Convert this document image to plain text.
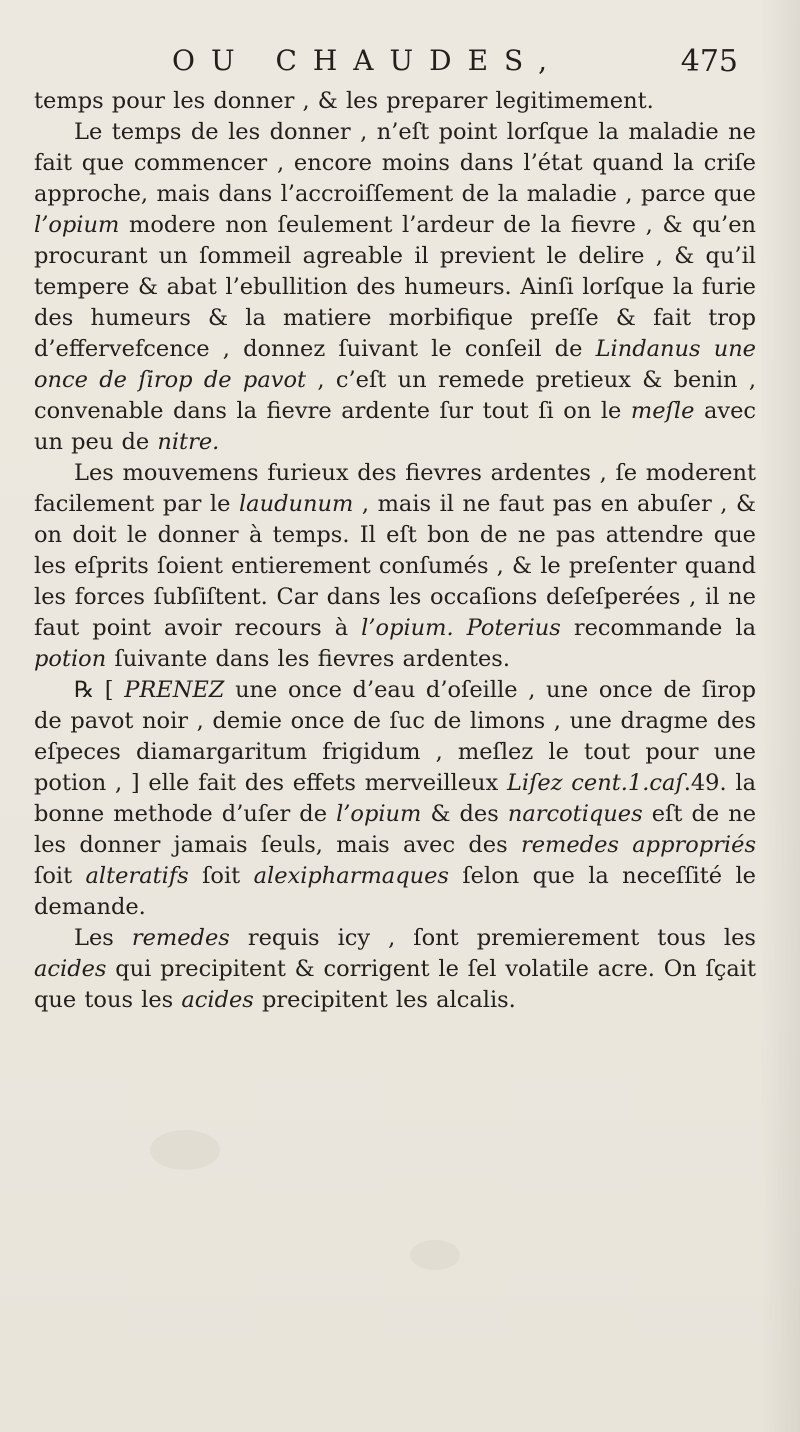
OU CHAUDES,	475

temps pour les donner , & les preparer legitimement.

Le temps de les donner , n’eſt point lorſque la maladie ne fait que commencer , encore moins dans l’état quand la criſe approche, mais dans l’accroiſſement de la maladie , parce que l’opium modere non ſeulement l’ardeur de la fievre , & qu’en procurant un ſommeil agreable il previent le delire , & qu’il tempere & abat l’ebullition des humeurs. Ainſi lorſque la furie des humeurs & la matiere morbifique preſſe & fait trop d’effervefcence , donnez ſuivant le conſeil de Lindanus une once de ſirop de pavot , c’eſt un remede pretieux & benin , convenable dans la fievre ardente ſur tout ſi on le meſle avec un peu de nitre.

Les mouvemens furieux des fievres ardentes , ſe moderent facilement par le laudunum , mais il ne faut pas en abuſer , & on doit le donner à temps. Il eſt bon de ne pas attendre que les eſprits ſoient entierement conſumés , & le preſenter quand les forces ſubſiſtent. Car dans les occaſions deſeſperées , il ne faut point avoir recours à l’opium. Poterius recommande la potion ſuivante dans les fievres ardentes.

℞ [ PRENEZ une once d’eau d’oſeille , une once de ſirop de pavot noir , demie once de ſuc de limons , une dragme des eſpeces diamargaritum frigidum , meſlez le tout pour une potion , ] elle fait des effets merveilleux Liſez cent.1.caſ.49. la bonne methode d’uſer de l’opium & des narcotiques eſt de ne les donner jamais ſeuls, mais avec des remedes appropriés ſoit alteratifs ſoit alexipharmaques ſelon que la neceſſité le demande.

Les remedes requis icy , ſont premierement tous les acides qui precipitent & corrigent le ſel volatile acre. On ſçait que tous les acides precipitent les alcalis.
